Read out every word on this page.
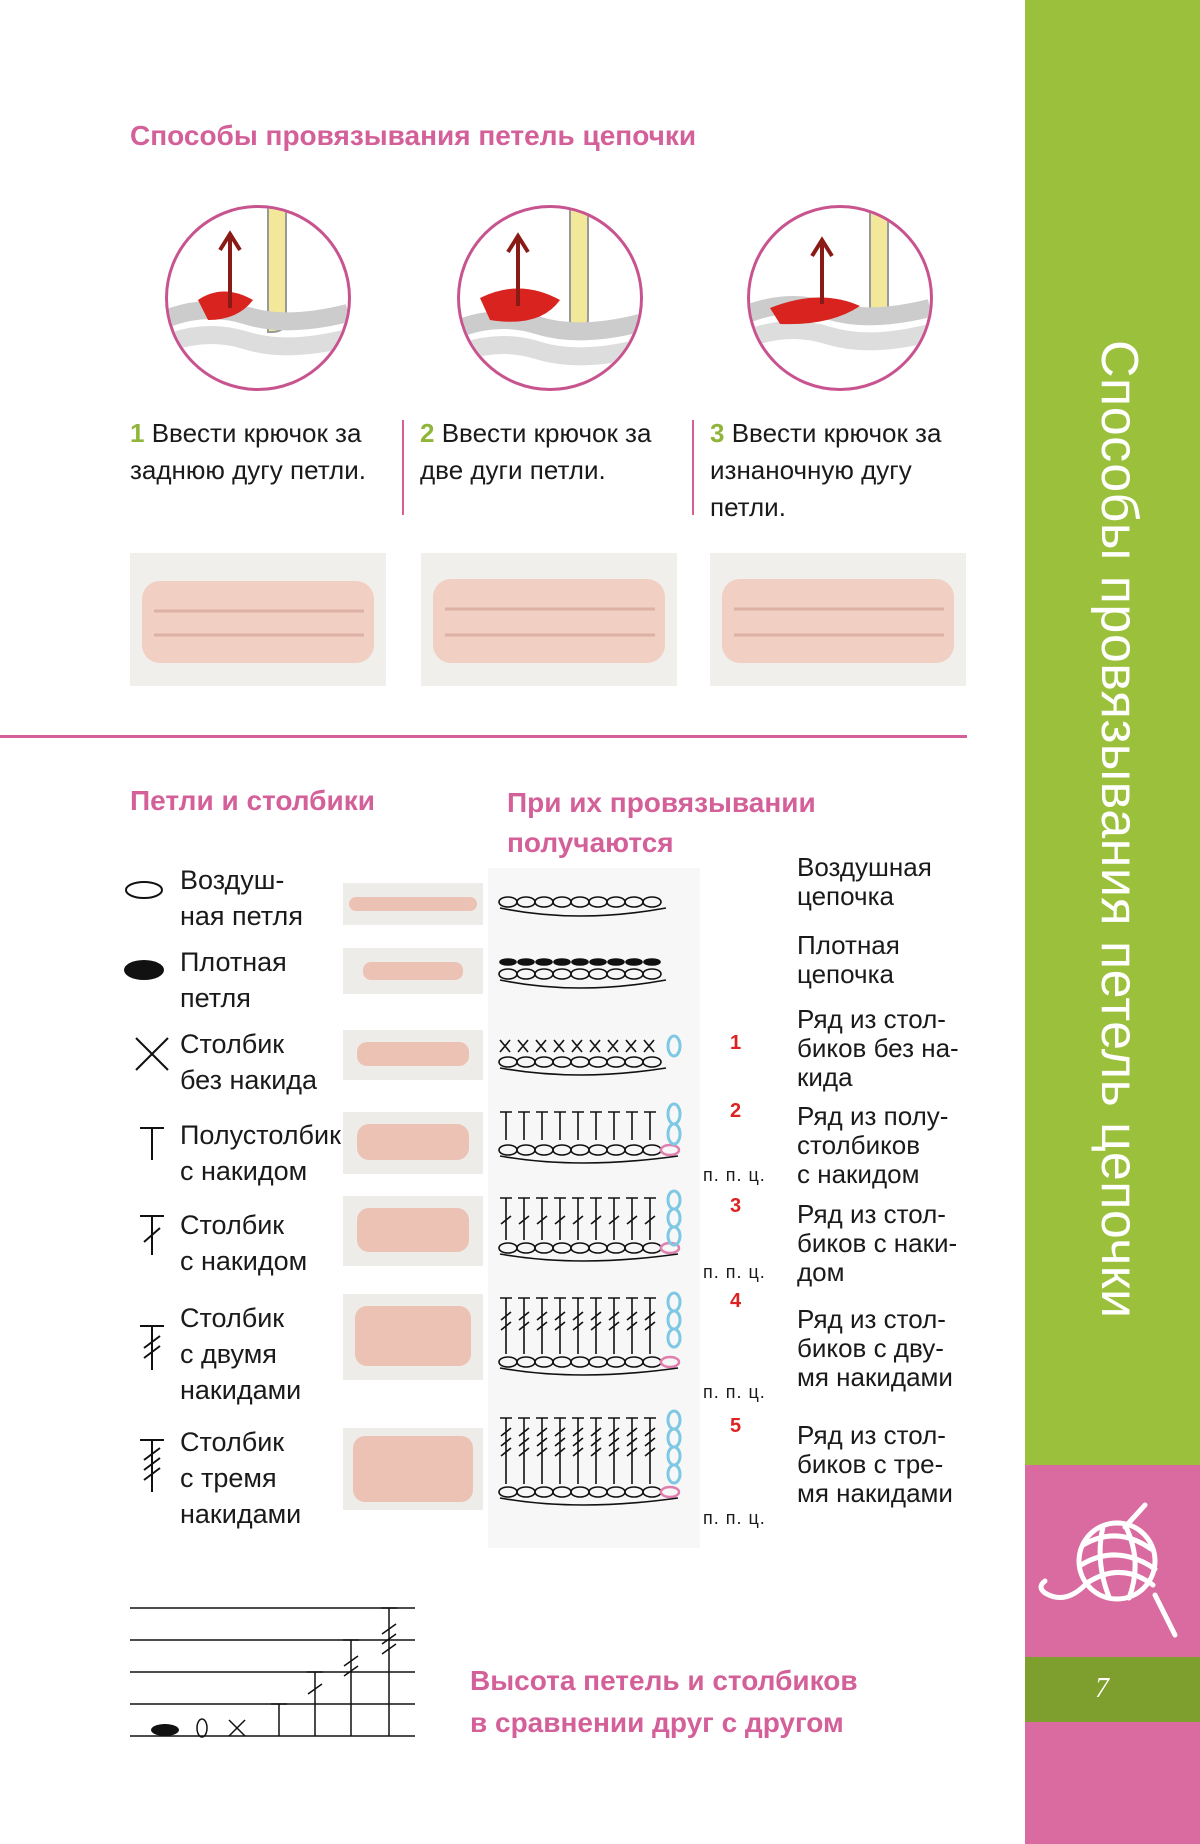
Способы провязывания петель цепочки
7
Способы провязывания петель цепочки
1 Ввести крючок за заднюю дугу петли.
2 Ввести крючок за две дуги петли.
3 Ввести крючок за изнаночную дугу петли.
Петли и столбики	При их провязывании получаются
Воздуш-
ная петля
Плотная
петля
Столбик
без накида
Полустолбик
с накидом
Столбик
с накидом
Столбик
с двумя
накидами
Столбик
с тремя
накидами
1
2
3
4
5
п. п. ц.
п. п. ц.
п. п. ц.
п. п. ц.
Воздушная
цепочка
Плотная
цепочка
Ряд из стол-
биков без на-
кида
Ряд из полу-
столбиков
с накидом
Ряд из стол-
биков с наки-
дом
Ряд из стол-
биков с дву-
мя накидами
Ряд из стол-
биков с тре-
мя накидами
Высота петель и столбиков
в сравнении друг с другом
